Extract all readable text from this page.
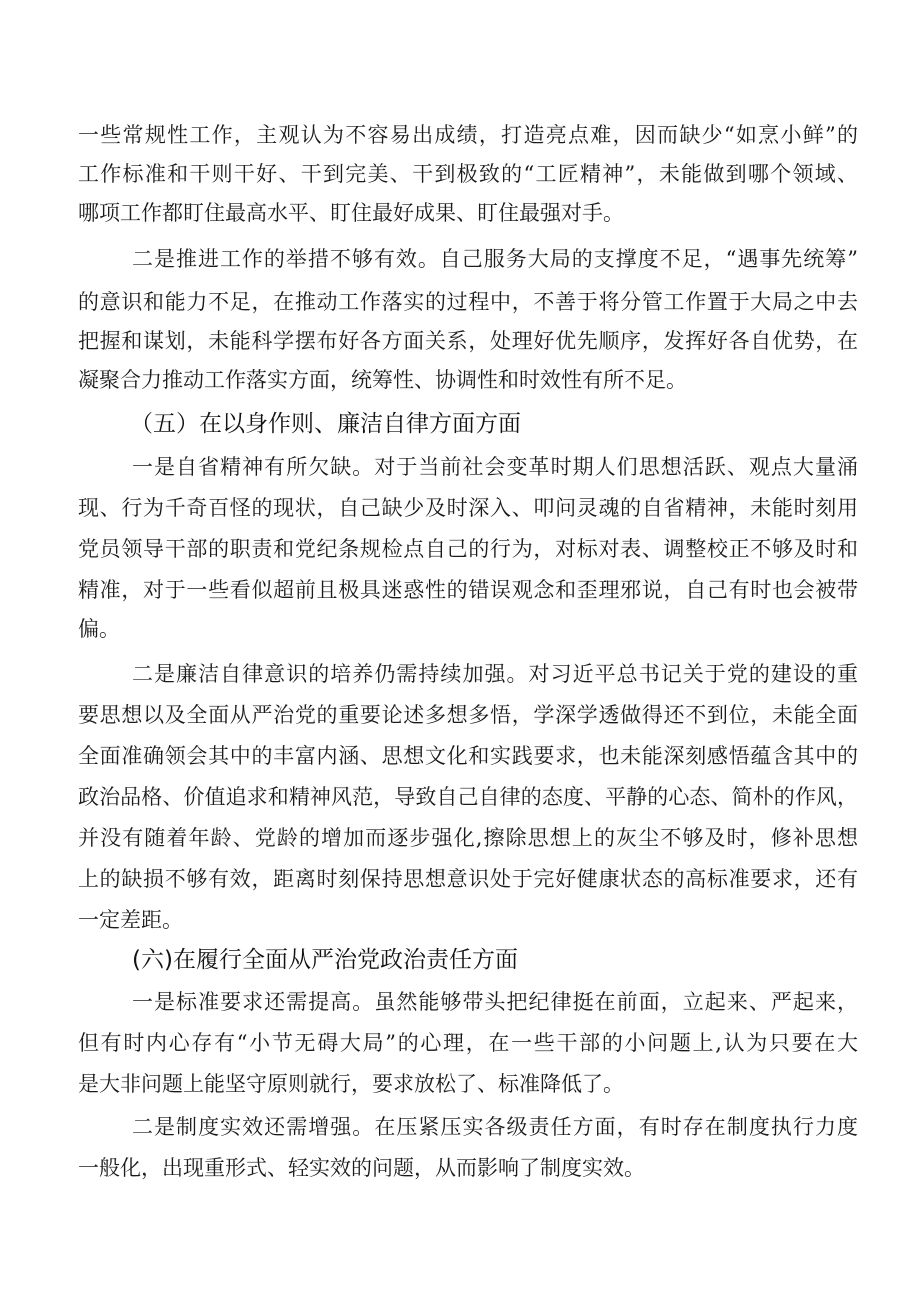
一些常规性工作，主观认为不容易出成绩，打造亮点难，因而缺少“如烹小鲜”的
工作标准和干则干好、干到完美、干到极致的“工匠精神”，未能做到哪个领域、
哪项工作都盯住最高水平、盯住最好成果、盯住最强对手。
二是推进工作的举措不够有效。自己服务大局的支撑度不足，“遇事先统筹”
的意识和能力不足，在推动工作落实的过程中，不善于将分管工作置于大局之中去
把握和谋划，未能科学摆布好各方面关系，处理好优先顺序，发挥好各自优势，在
凝聚合力推动工作落实方面，统筹性、协调性和时效性有所不足。
（五）在以身作则、廉洁自律方面方面
一是自省精神有所欠缺。对于当前社会变革时期人们思想活跃、观点大量涌
现、行为千奇百怪的现状，自己缺少及时深入、叩问灵魂的自省精神，未能时刻用
党员领导干部的职责和党纪条规检点自己的行为，对标对表、调整校正不够及时和
精准，对于一些看似超前且极具迷惑性的错误观念和歪理邪说，自己有时也会被带
偏。
二是廉洁自律意识的培养仍需持续加强。对习近平总书记关于党的建设的重
要思想以及全面从严治党的重要论述多想多悟，学深学透做得还不到位，未能全面
全面准确领会其中的丰富内涵、思想文化和实践要求，也未能深刻感悟蕴含其中的
政治品格、价值追求和精神风范，导致自己自律的态度、平静的心态、简朴的作风，
并没有随着年龄、党龄的增加而逐步强化,擦除思想上的灰尘不够及时，修补思想
上的缺损不够有效，距离时刻保持思想意识处于完好健康状态的高标准要求，还有
一定差距。
(六)在履行全面从严治党政治责任方面
一是标准要求还需提高。虽然能够带头把纪律挺在前面，立起来、严起来，
但有时内心存有“小节无碍大局”的心理，在一些干部的小问题上,认为只要在大
是大非问题上能坚守原则就行，要求放松了、标准降低了。
二是制度实效还需增强。在压紧压实各级责任方面，有时存在制度执行力度
一般化，出现重形式、轻实效的问题，从而影响了制度实效。
